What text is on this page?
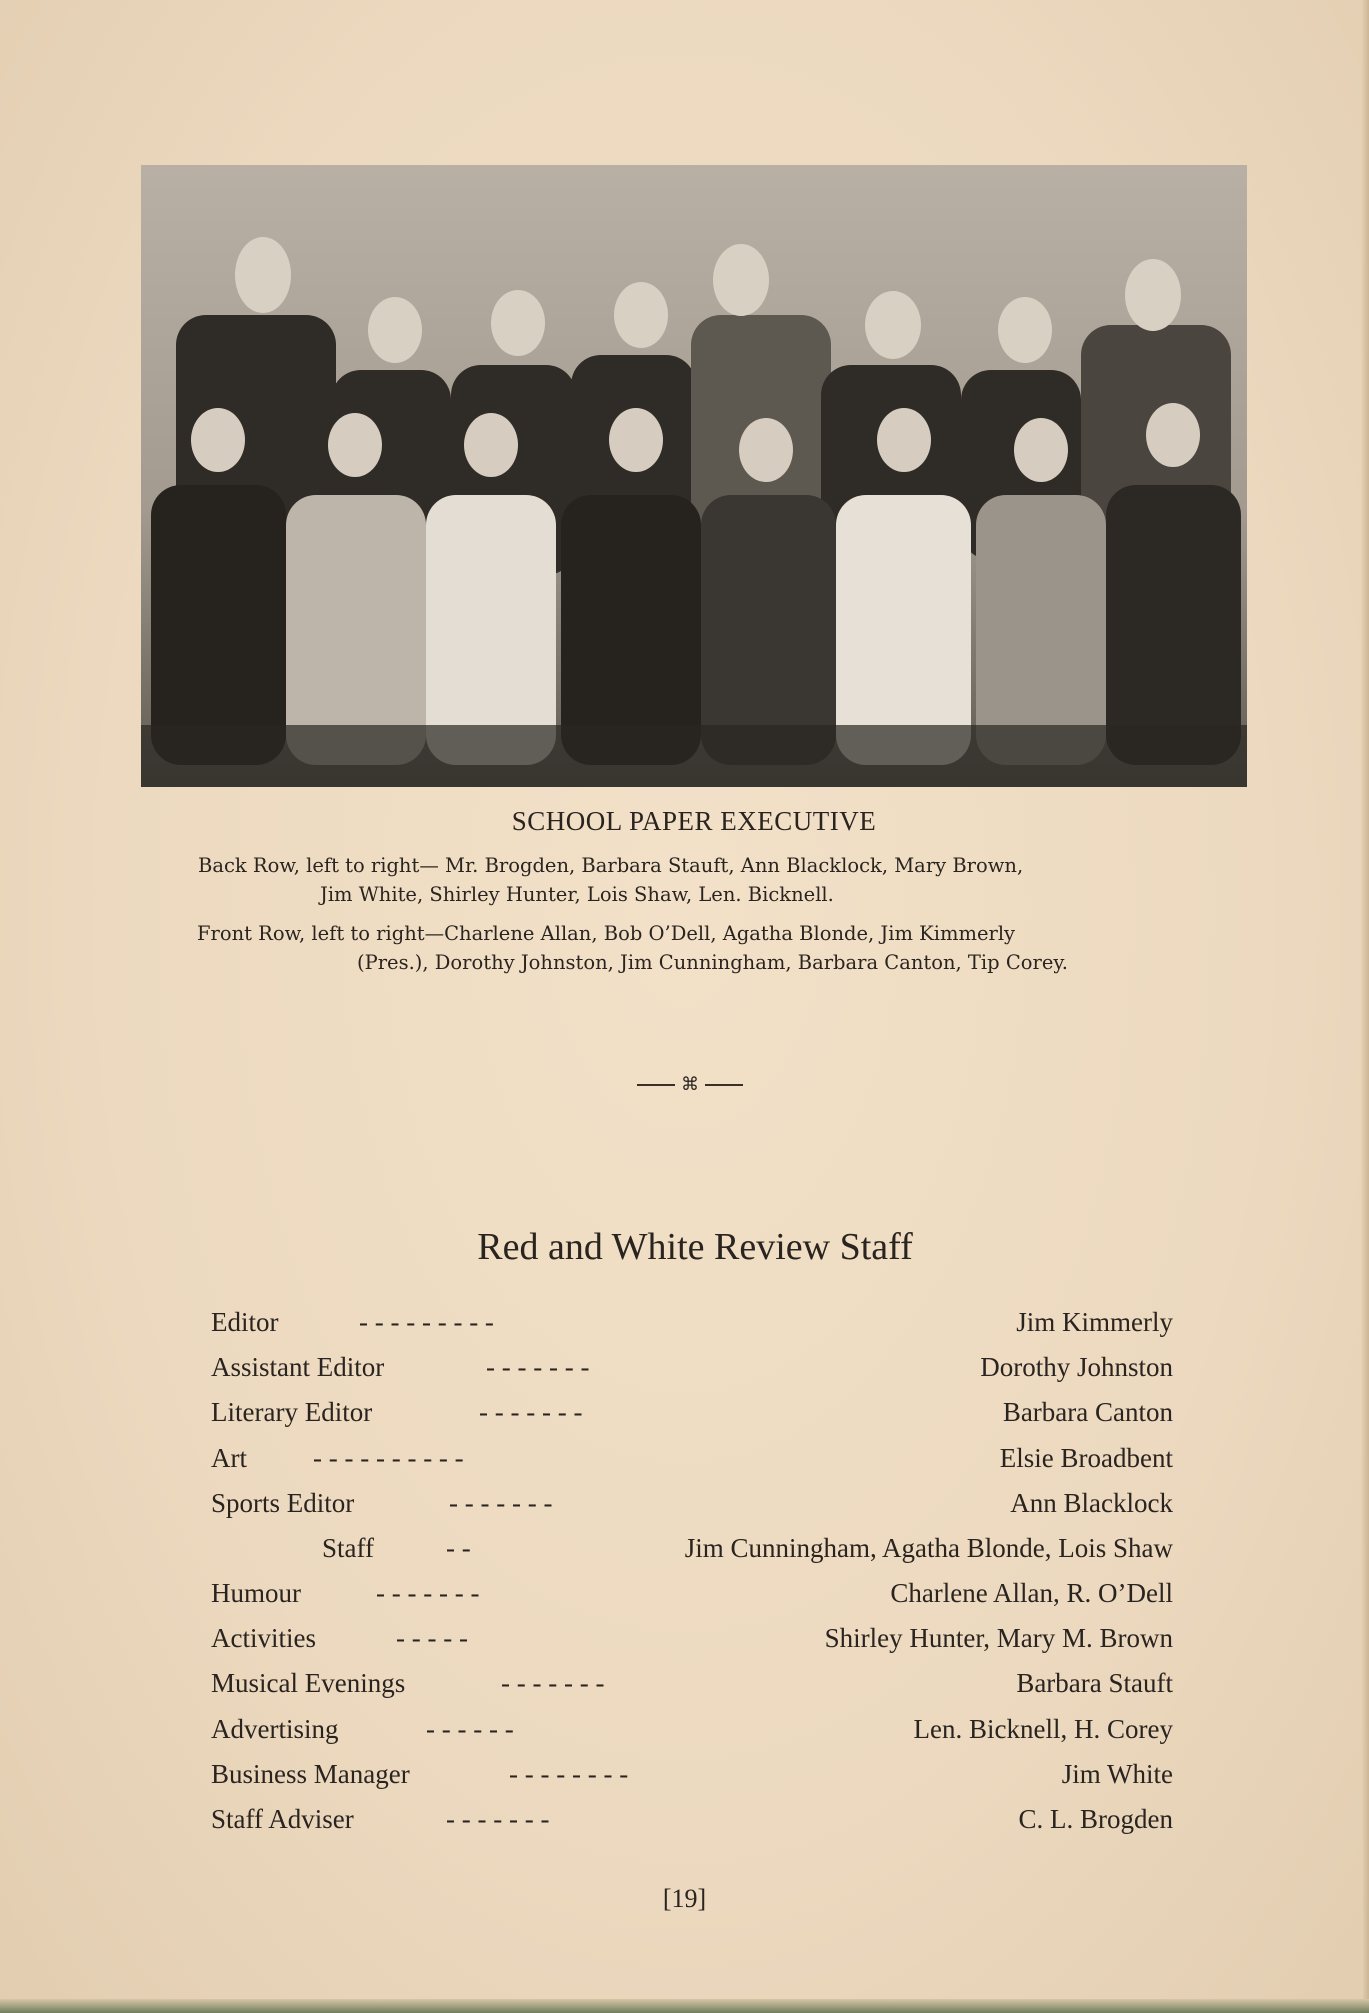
SCHOOL PAPER EXECUTIVE
Back Row, left to right— Mr. Brogden, Barbara Stauft, Ann Blacklock, Mary Brown,
Jim White, Shirley Hunter, Lois Shaw, Len. Bicknell.
Front Row, left to right—Charlene Allan, Bob O’Dell, Agatha Blonde, Jim Kimmerly
(Pres.), Dorothy Johnston, Jim Cunningham, Barbara Canton, Tip Corey.
⌘
Red and White Review Staff
Editor	- - - - - - - - -	Jim Kimmerly
Assistant Editor	- - - - - - -	Dorothy Johnston
Literary Editor	- - - - - - -	Barbara Canton
Art - - - - - - - - - -	Elsie Broadbent
Sports Editor	- - - - - - -	Ann Blacklock
Staff	- -	Jim Cunningham, Agatha Blonde, Lois Shaw
Humour	- - - - - - -	Charlene Allan, R. O’Dell
Activities	- - - - -	Shirley Hunter, Mary M. Brown
Musical Evenings	- - - - - - -	Barbara Stauft
Advertising	- - - - - -	Len. Bicknell, H. Corey
Business Manager	- - - - - - - -	Jim White
Staff Adviser	- - - - - - -	C. L. Brogden
[19]
